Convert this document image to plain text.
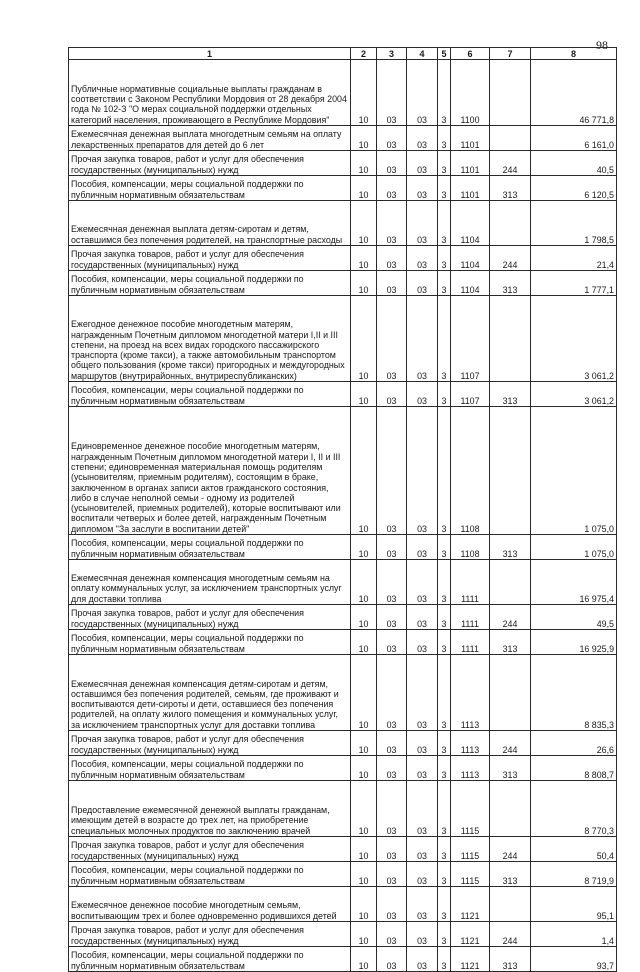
98
1	2	3	4	5	6	7	8

Публичные нормативные социальные выплаты гражданам в соответствии с Законом Республики Мордовия от 28 декабря 2004 года № 102-З "О мерах социальной поддержки отдельных категорий населения, проживающего в Республике Мордовия"	10	03	03	3	1100		46 771,8

Ежемесячная денежная выплата многодетным семьям на оплату лекарственных препаратов для детей до 6 лет	10	03	03	3	1101		6 161,0

Прочая закупка товаров, работ и услуг для обеспечения государственных (муниципальных) нужд	10	03	03	3	1101	244	40,5

Пособия, компенсации, меры социальной поддержки по публичным нормативным обязательствам	10	03	03	3	1101	313	6 120,5

Ежемесячная денежная выплата детям-сиротам и детям, оставшимся без попечения родителей, на транспортные расходы	10	03	03	3	1104		1 798,5

Прочая закупка товаров, работ и услуг для обеспечения государственных (муниципальных) нужд	10	03	03	3	1104	244	21,4

Пособия, компенсации, меры социальной поддержки по публичным нормативным обязательствам	10	03	03	3	1104	313	1 777,1

Ежегодное денежное пособие многодетным матерям, награжденным Почетным дипломом многодетной матери I,II и III степени, на проезд на всех видах городского пассажирского транспорта (кроме такси), а также автомобильным транспортом общего пользования (кроме такси) пригородных и междугородных маршрутов (внутрирайонных, внутриреспубликанских)	10	03	03	3	1107		3 061,2

Пособия, компенсации, меры социальной поддержки по публичным нормативным обязательствам	10	03	03	3	1107	313	3 061,2

Единовременное денежное пособие многодетным матерям, награжденным Почетным дипломом многодетной матери I, II и III степени; единовременная материальная помощь родителям (усыновителям, приемным родителям), состоящим в браке, заключенном в органах записи актов гражданского состояния, либо в случае неполной семьи - одному из родителей (усыновителей, приемных родителей), которые воспитывают или воспитали четверых и более детей, награжденным Почетным дипломом "За заслуги в воспитании детей"	10	03	03	3	1108		1 075,0

Пособия, компенсации, меры социальной поддержки по публичным нормативным обязательствам	10	03	03	3	1108	313	1 075,0

Ежемесячная денежная компенсация многодетным семьям на оплату коммунальных услуг, за исключением транспортных услуг для доставки топлива	10	03	03	3	1111		16 975,4

Прочая закупка товаров, работ и услуг для обеспечения государственных (муниципальных) нужд	10	03	03	3	1111	244	49,5

Пособия, компенсации, меры социальной поддержки по публичным нормативным обязательствам	10	03	03	3	1111	313	16 925,9

Ежемесячная денежная компенсация детям-сиротам и детям, оставшимся без попечения родителей, семьям, где проживают и воспитываются дети-сироты и дети, оставшиеся без попечения родителей, на оплату жилого помещения и коммунальных услуг, за исключением транспортных услуг для доставки топлива	10	03	03	3	1113		8 835,3

Прочая закупка товаров, работ и услуг для обеспечения государственных (муниципальных) нужд	10	03	03	3	1113	244	26,6

Пособия, компенсации, меры социальной поддержки по публичным нормативным обязательствам	10	03	03	3	1113	313	8 808,7

Предоставление ежемесячной денежной выплаты гражданам, имеющим детей в возрасте до трех лет, на приобретение специальных молочных продуктов по заключению врачей	10	03	03	3	1115		8 770,3

Прочая закупка товаров, работ и услуг для обеспечения государственных (муниципальных) нужд	10	03	03	3	1115	244	50,4

Пособия, компенсации, меры социальной поддержки по публичным нормативным обязательствам	10	03	03	3	1115	313	8 719,9

Ежемесячное денежное пособие многодетным семьям, воспитывающим трех и более одновременно родившихся детей	10	03	03	3	1121		95,1

Прочая закупка товаров, работ и услуг для обеспечения государственных (муниципальных) нужд	10	03	03	3	1121	244	1,4

Пособия, компенсации, меры социальной поддержки по публичным нормативным обязательствам	10	03	03	3	1121	313	93,7
